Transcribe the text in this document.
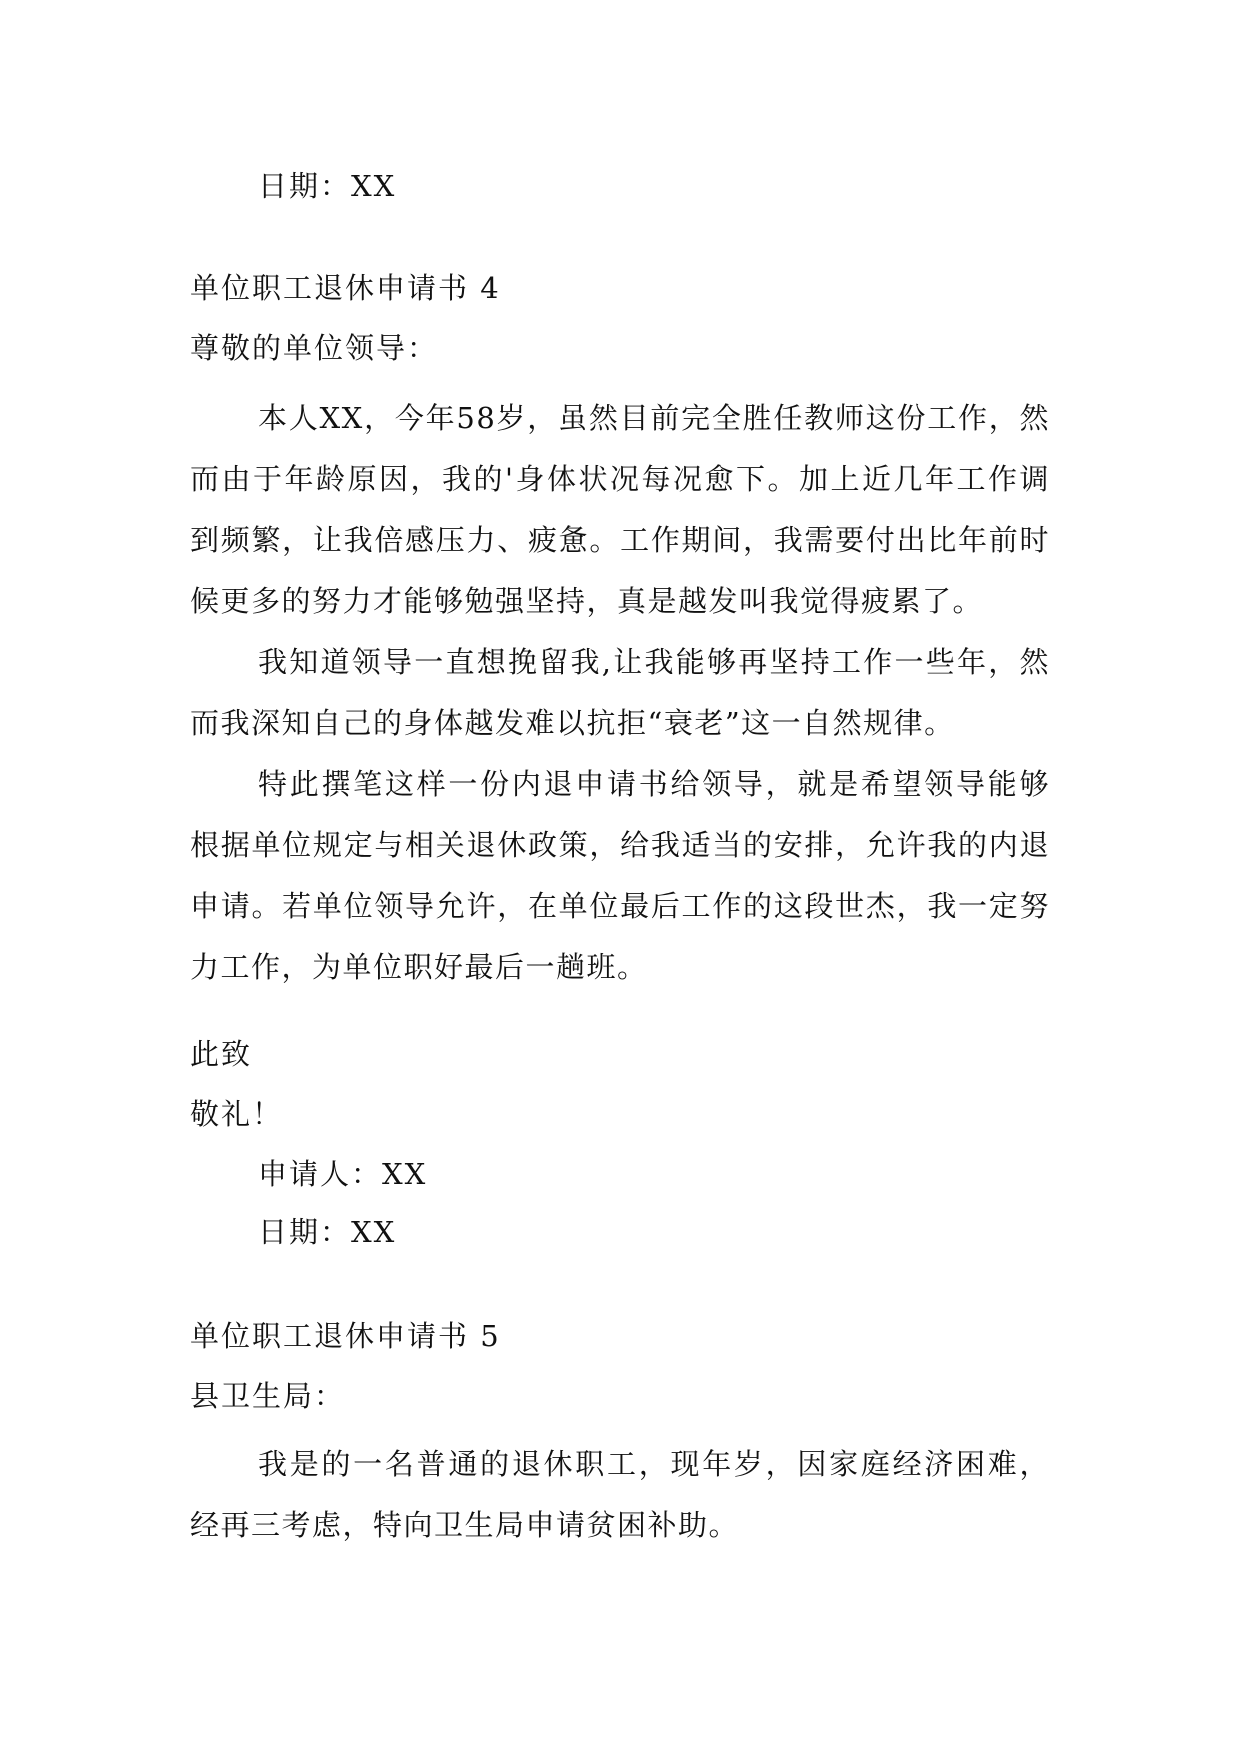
日期：XX
单位职工退休申请书 4
尊敬的单位领导：

本人XX，今年58岁，虽然目前完全胜任教师这份工作，然而由于年龄原因，我的'身体状况每况愈下。加上近几年工作调到频繁，让我倍感压力、疲惫。工作期间，我需要付出比年前时候更多的努力才能够勉强坚持，真是越发叫我觉得疲累了。

我知道领导一直想挽留我,让我能够再坚持工作一些年，然而我深知自己的身体越发难以抗拒“衰老”这一自然规律。

特此撰笔这样一份内退申请书给领导，就是希望领导能够根据单位规定与相关退休政策，给我适当的安排，允许我的内退申请。若单位领导允许，在单位最后工作的这段世杰，我一定努力工作，为单位职好最后一趟班。

此致
敬礼！
申请人：XX
日期：XX
单位职工退休申请书 5
县卫生局：

我是的一名普通的退休职工，现年岁，因家庭经济困难，经再三考虑，特向卫生局申请贫困补助。
